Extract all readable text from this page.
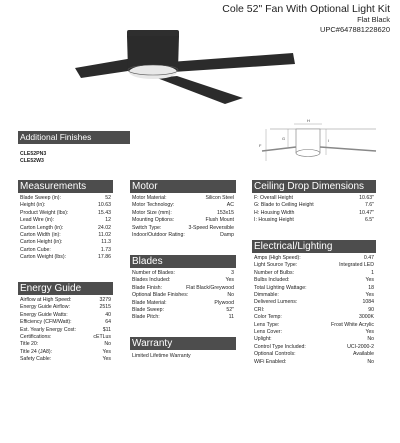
Cole 52" Fan With Optional Light Kit
Flat Black
UPC#647881228620
Additional Finishes
CLE52PN3
CLE52W3
H
F
G	I
Measurements
Blade Sweep (in):	52
Height (in):	10.63
Product Weight (lbs):	15.43
Lead Wire (in):	12
Carton Length (in):	24.02
Carton Width (in):	11.02
Carton Height (in):	11.3
Carton Cube:	1.73
Carton Weight (lbs):	17.86
Motor
Motor Material:	Silicon Steel
Motor Technology:	AC
Motor Size (mm):	153x15
Mounting Options:	Flush Mount
Switch Type:	3-Speed Reversible
Indoor/Outdoor Rating:	Damp
Ceiling Drop Dimensions
F: Overall Height	10.63"
G: Blade to Ceiling Height	7.6"
H: Housing Width	10.47"
I: Housing Height	6.5"
Blades
Number of Blades:	3
Blades Included:	Yes
Blade Finish:	Flat Black/Greywood
Optional Blade Finishes:	No
Blade Material:	Plywood
Blade Sweep:	52"
Blade Pitch:	11
Electrical/Lighting
Amps (High Speed):	0.47
Light Source Type:	Integrated LED
Number of Bulbs:	1
Bulbs Included:	Yes
Total Lighting Wattage:	18
Dimmable:	Yes
Delivered Lumens:	1084
CRI:	90
Color Temp:	3000K
Lens Type:	Frost White Acrylic
Lens Cover:	Yes
Uplight:	No
Control Type Included:	UCI-2000-2
Optional Controls:	Available
WiFi Enabled:	No
Energy Guide
Airflow at High Speed:	3279
Energy Guide Airflow:	2515
Energy Guide Watts:	40
Efficiency (CFM/Watt):	64
Est. Yearly Energy Cost:	$11
Certifications:	cETLus
Title 20:	No
Title 24 (JA8):	Yes
Safety Cable:	Yes
Warranty
Limited Lifetime Warranty
